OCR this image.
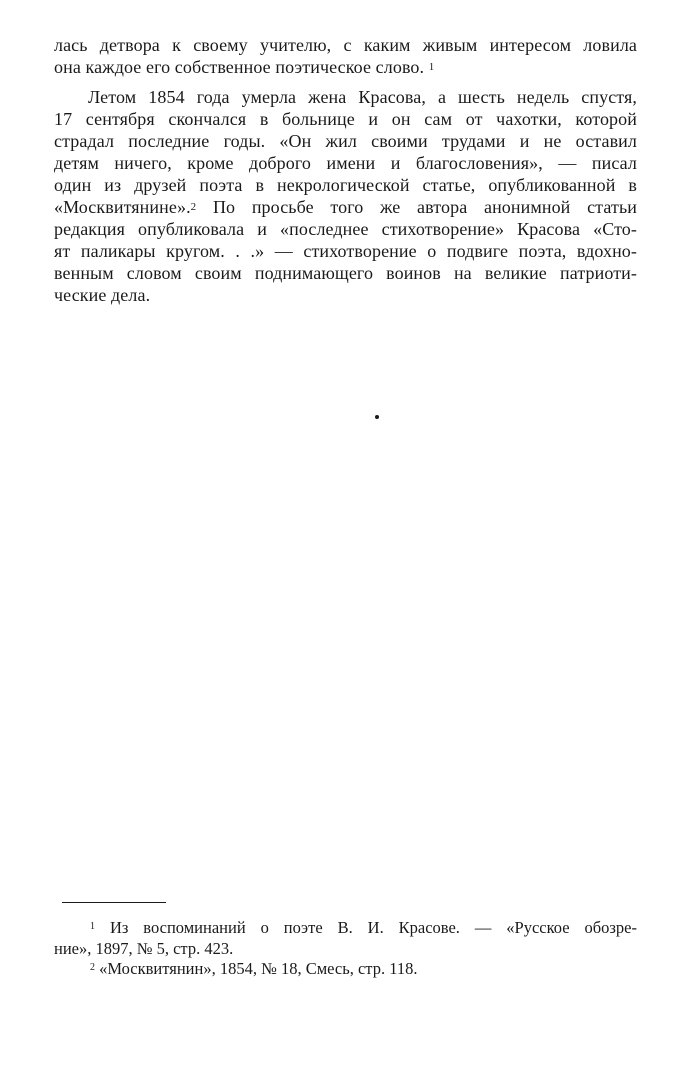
лась детвора к своему учителю, с каким живым интересом ловила
она каждое его собственное поэтическое слово. $^1$
Летом 1854 года умерла жена Красова, а шесть недель спустя,
17 сентября скончался в больнице и он сам от чахотки, которой
страдал последние годы. «Он жил своими трудами и не оставил
детям ничего, кроме доброго имени и благословения», — писал
один из друзей поэта в некрологической статье, опубликованной в
«Москвитянине».$^2$ По просьбе того же автора анонимной статьи
редакция опубликовала и «последнее стихотворение» Красова «Сто-
ят паликары кругом. . .» — стихотворение о подвиге поэта, вдохно-
венным словом своим поднимающего воинов на великие патриоти-
ческие дела.
$^1$ Из воспоминаний о поэте В. И. Красове. — «Русское обозре-
ние», 1897, № 5, стр. 423.
$^2$ «Москвитянин», 1854, № 18, Смесь, стр. 118.
